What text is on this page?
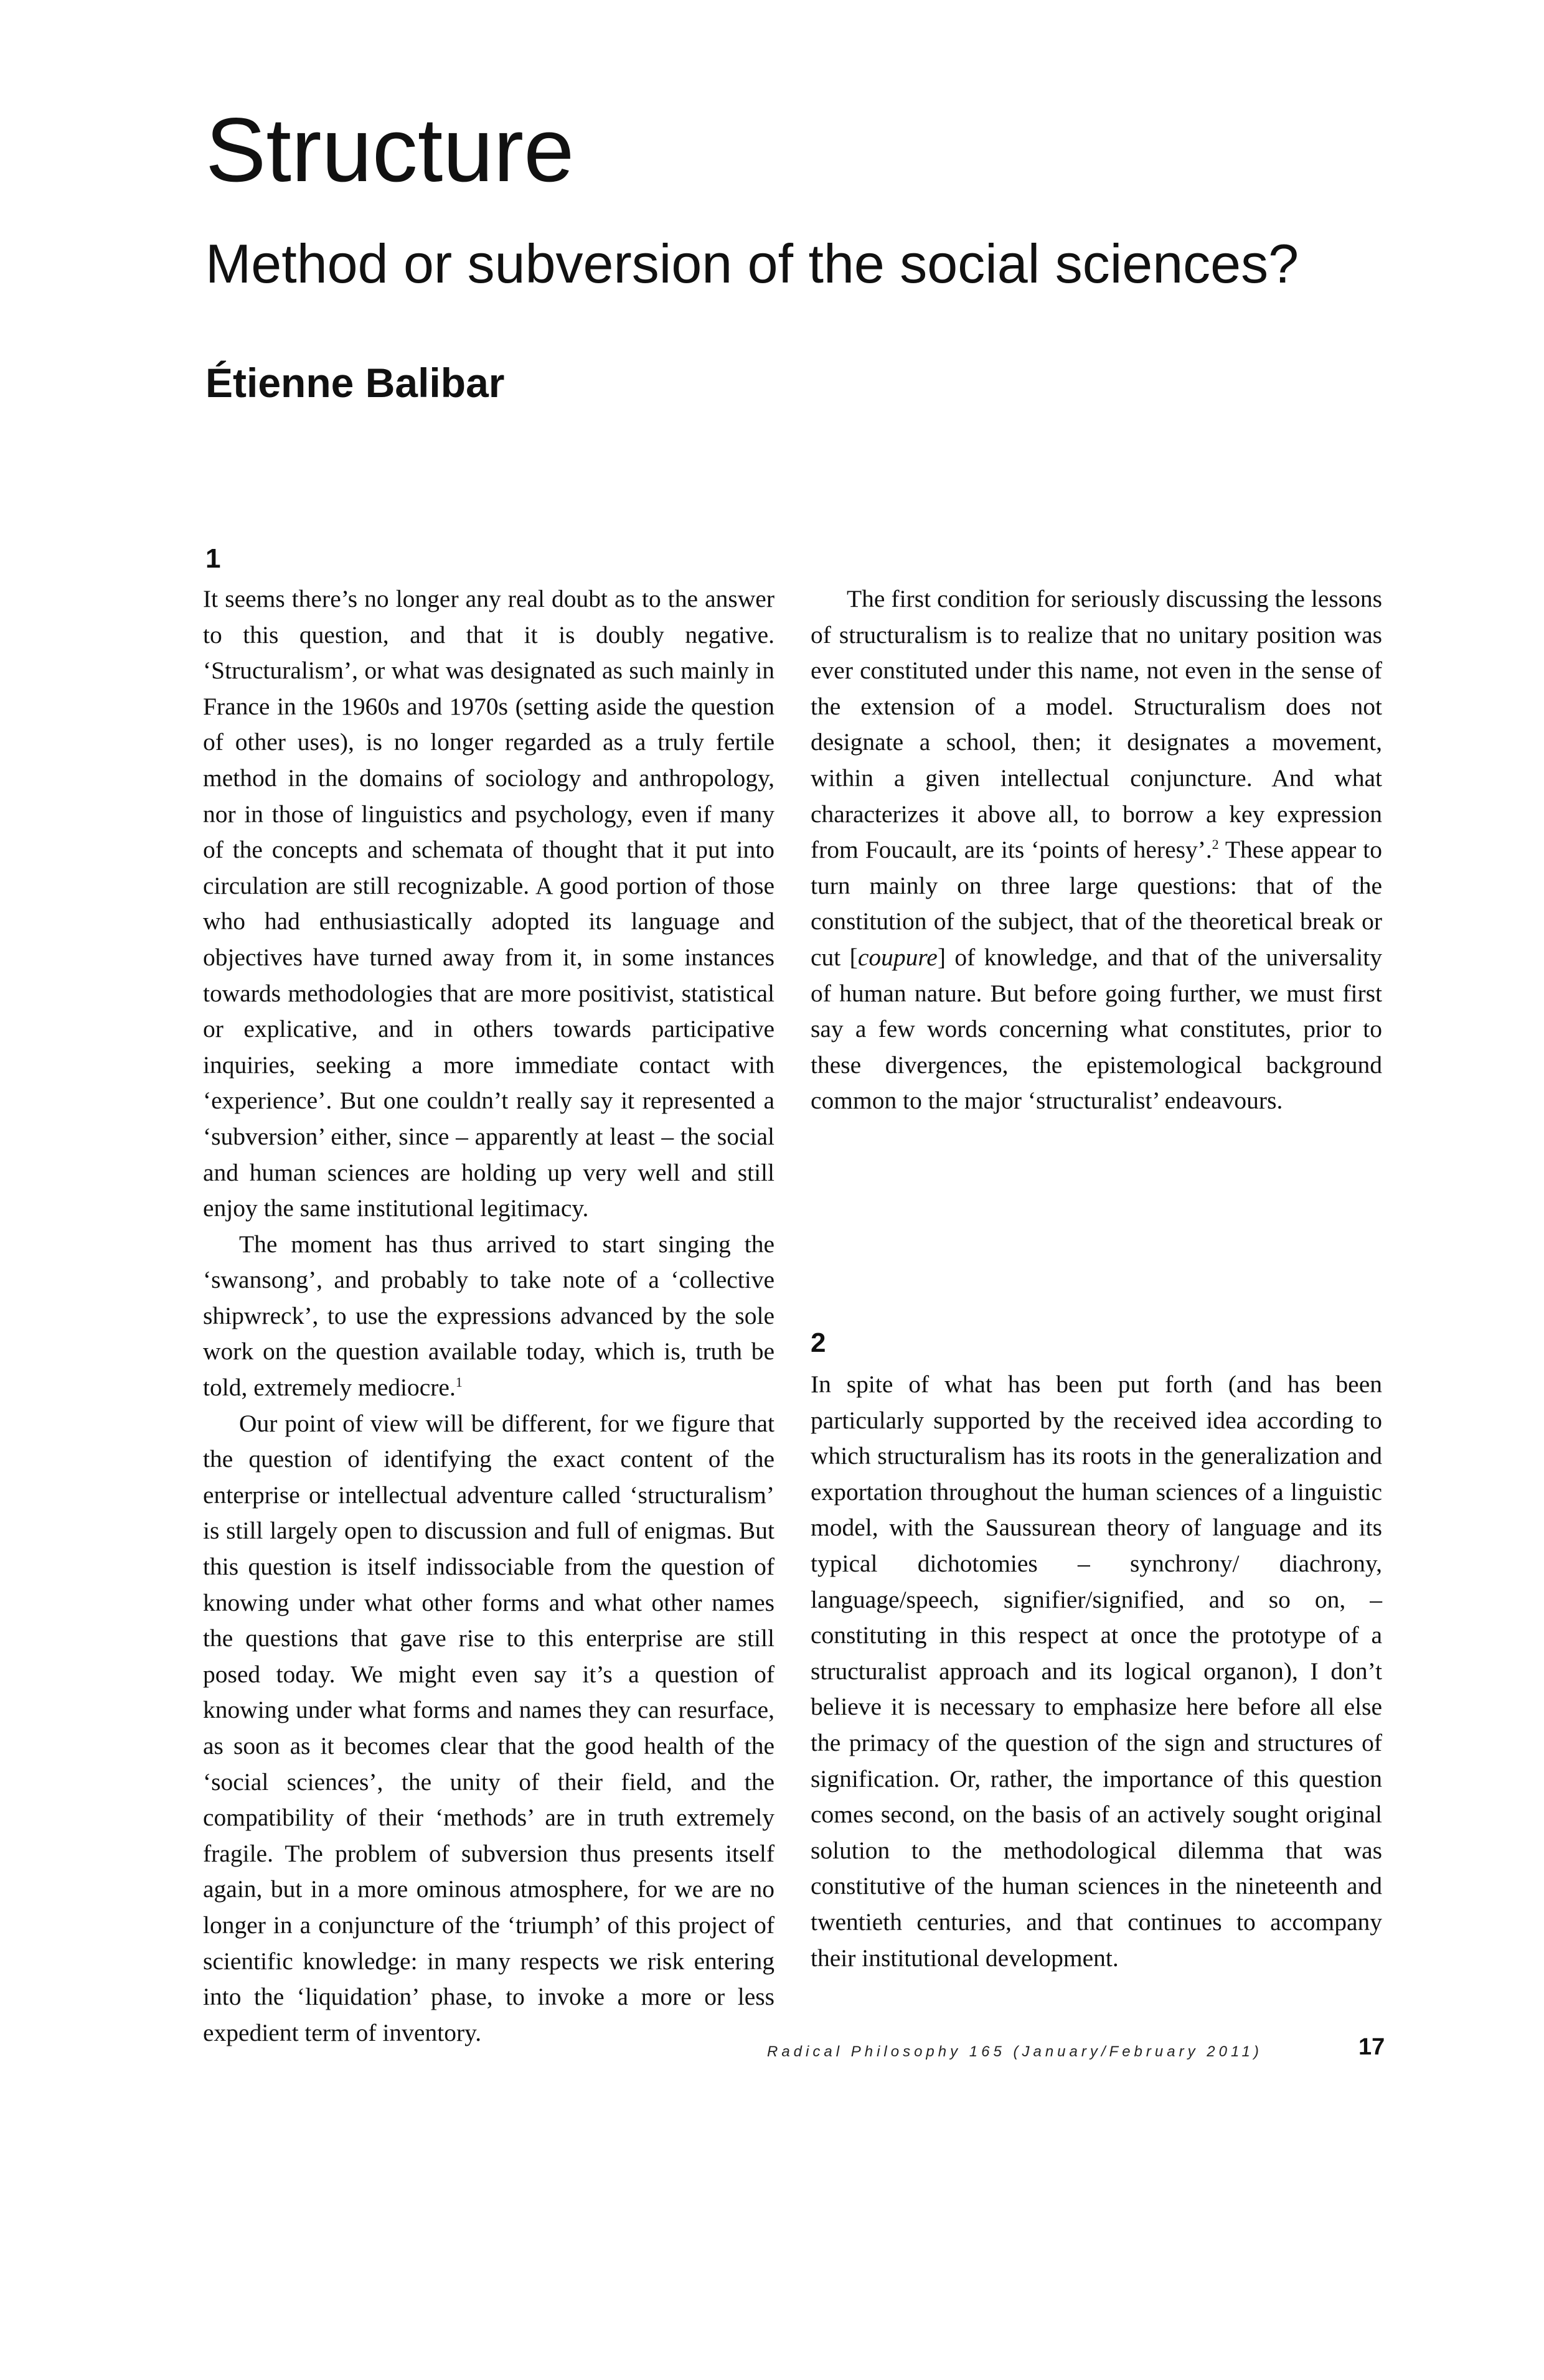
Structure
Method or subversion of the social sciences?
Étienne Balibar
1

It seems there’s no longer any real doubt as to the answer to this question, and that it is doubly negative. ‘Structuralism’, or what was designated as such mainly in France in the 1960s and 1970s (setting aside the question of other uses), is no longer regarded as a truly fertile method in the domains of sociology and anthropology, nor in those of linguistics and psychology, even if many of the concepts and schemata of thought that it put into circulation are still recognizable. A good portion of those who had enthusiastically adopted its language and objectives have turned away from it, in some instances towards methodologies that are more positivist, statistical or explicative, and in others towards participative inquiries, seeking a more immediate contact with ‘experience’. But one couldn’t really say it represented a ‘subversion’ either, since – apparently at least – the social and human sciences are holding up very well and still enjoy the same institutional legitimacy.

The moment has thus arrived to start singing the ‘swansong’, and probably to take note of a ‘collective shipwreck’, to use the expressions advanced by the sole work on the question available today, which is, truth be told, extremely mediocre.$^1$

Our point of view will be different, for we figure that the question of identifying the exact content of the enterprise or intellectual adventure called ‘structuralism’ is still largely open to discussion and full of enigmas. But this question is itself indissociable from the question of knowing under what other forms and what other names the questions that gave rise to this enterprise are still posed today. We might even say it’s a question of knowing under what forms and names they can resurface, as soon as it becomes clear that the good health of the ‘social sciences’, the unity of their field, and the compatibility of their ‘methods’ are in truth extremely fragile. The problem of subversion thus presents itself again, but in a more ominous atmosphere, for we are no longer in a conjuncture of the ‘triumph’ of this project of scientific knowledge: in many respects we risk entering into the ‘liquidation’ phase, to invoke a more or less expedient term of inventory.

The first condition for seriously discussing the lessons of structuralism is to realize that no unitary position was ever constituted under this name, not even in the sense of the extension of a model. Structuralism does not designate a school, then; it designates a movement, within a given intellectual conjuncture. And what characterizes it above all, to borrow a key expression from Foucault, are its ‘points of heresy’.$^2$ These appear to turn mainly on three large questions: that of the constitution of the subject, that of the theoretical break or cut [coupure] of knowledge, and that of the universality of human nature. But before going further, we must first say a few words concerning what constitutes, prior to these divergences, the epistemological background common to the major ‘structuralist’ endeavours.

2

In spite of what has been put forth (and has been particularly supported by the received idea according to which structuralism has its roots in the generalization and exportation throughout the human sciences of a linguistic model, with the Saussurean theory of language and its typical dichotomies – synchrony/ diachrony, language/speech, signifier/signified, and so on, – constituting in this respect at once the prototype of a structuralist approach and its logical organon), I don’t believe it is necessary to emphasize here before all else the primacy of the question of the sign and structures of signification. Or, rather, the importance of this question comes second, on the basis of an actively sought original solution to the methodological dilemma that was constitutive of the human sciences in the nineteenth and twentieth centuries, and that continues to accompany their institutional development.

Radical Philosophy 165 (January/February 2011)	17
